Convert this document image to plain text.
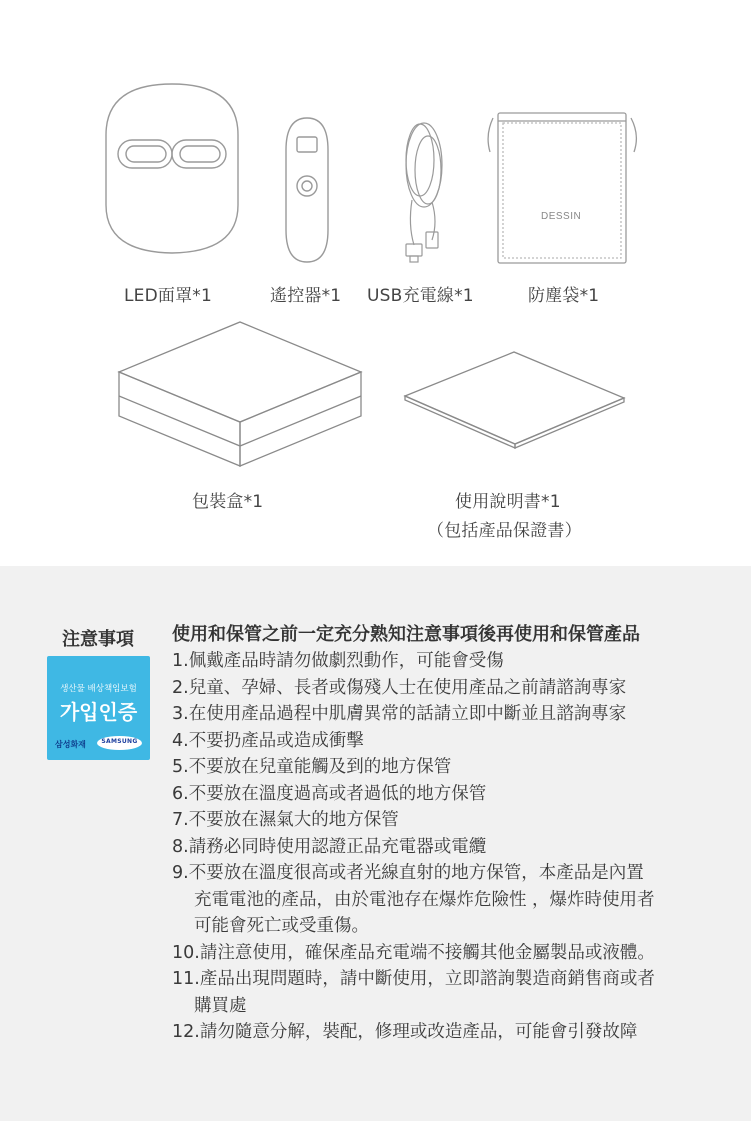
DESSIN
LED面罩*1	遙控器*1 USB充電線*1	防塵袋*1
包裝盒*1	使用說明書*1
（包括產品保證書）
注意事項
생산물 배상책임보험
가입인증
삼성화재	SAMSUNG
使用和保管之前一定充分熟知注意事項後再使用和保管產品
1.佩戴產品時請勿做劇烈動作，可能會受傷
2.兒童、孕婦、長者或傷殘人士在使用產品之前請諮詢專家
3.在使用產品過程中肌膚異常的話請立即中斷並且諮詢專家
4.不要扔產品或造成衝擊
5.不要放在兒童能觸及到的地方保管
6.不要放在溫度過高或者過低的地方保管
7.不要放在濕氣大的地方保管
8.請務必同時使用認證正品充電器或電纜
9.不要放在溫度很高或者光線直射的地方保管，本產品是內置
充電電池的產品，由於電池存在爆炸危險性 ，爆炸時使用者
可能會死亡或受重傷。
10.請注意使用，確保產品充電端不接觸其他金屬製品或液體。
11.產品出現問題時，請中斷使用，立即諮詢製造商銷售商或者
購買處
12.請勿隨意分解，裝配，修理或改造產品，可能會引發故障
